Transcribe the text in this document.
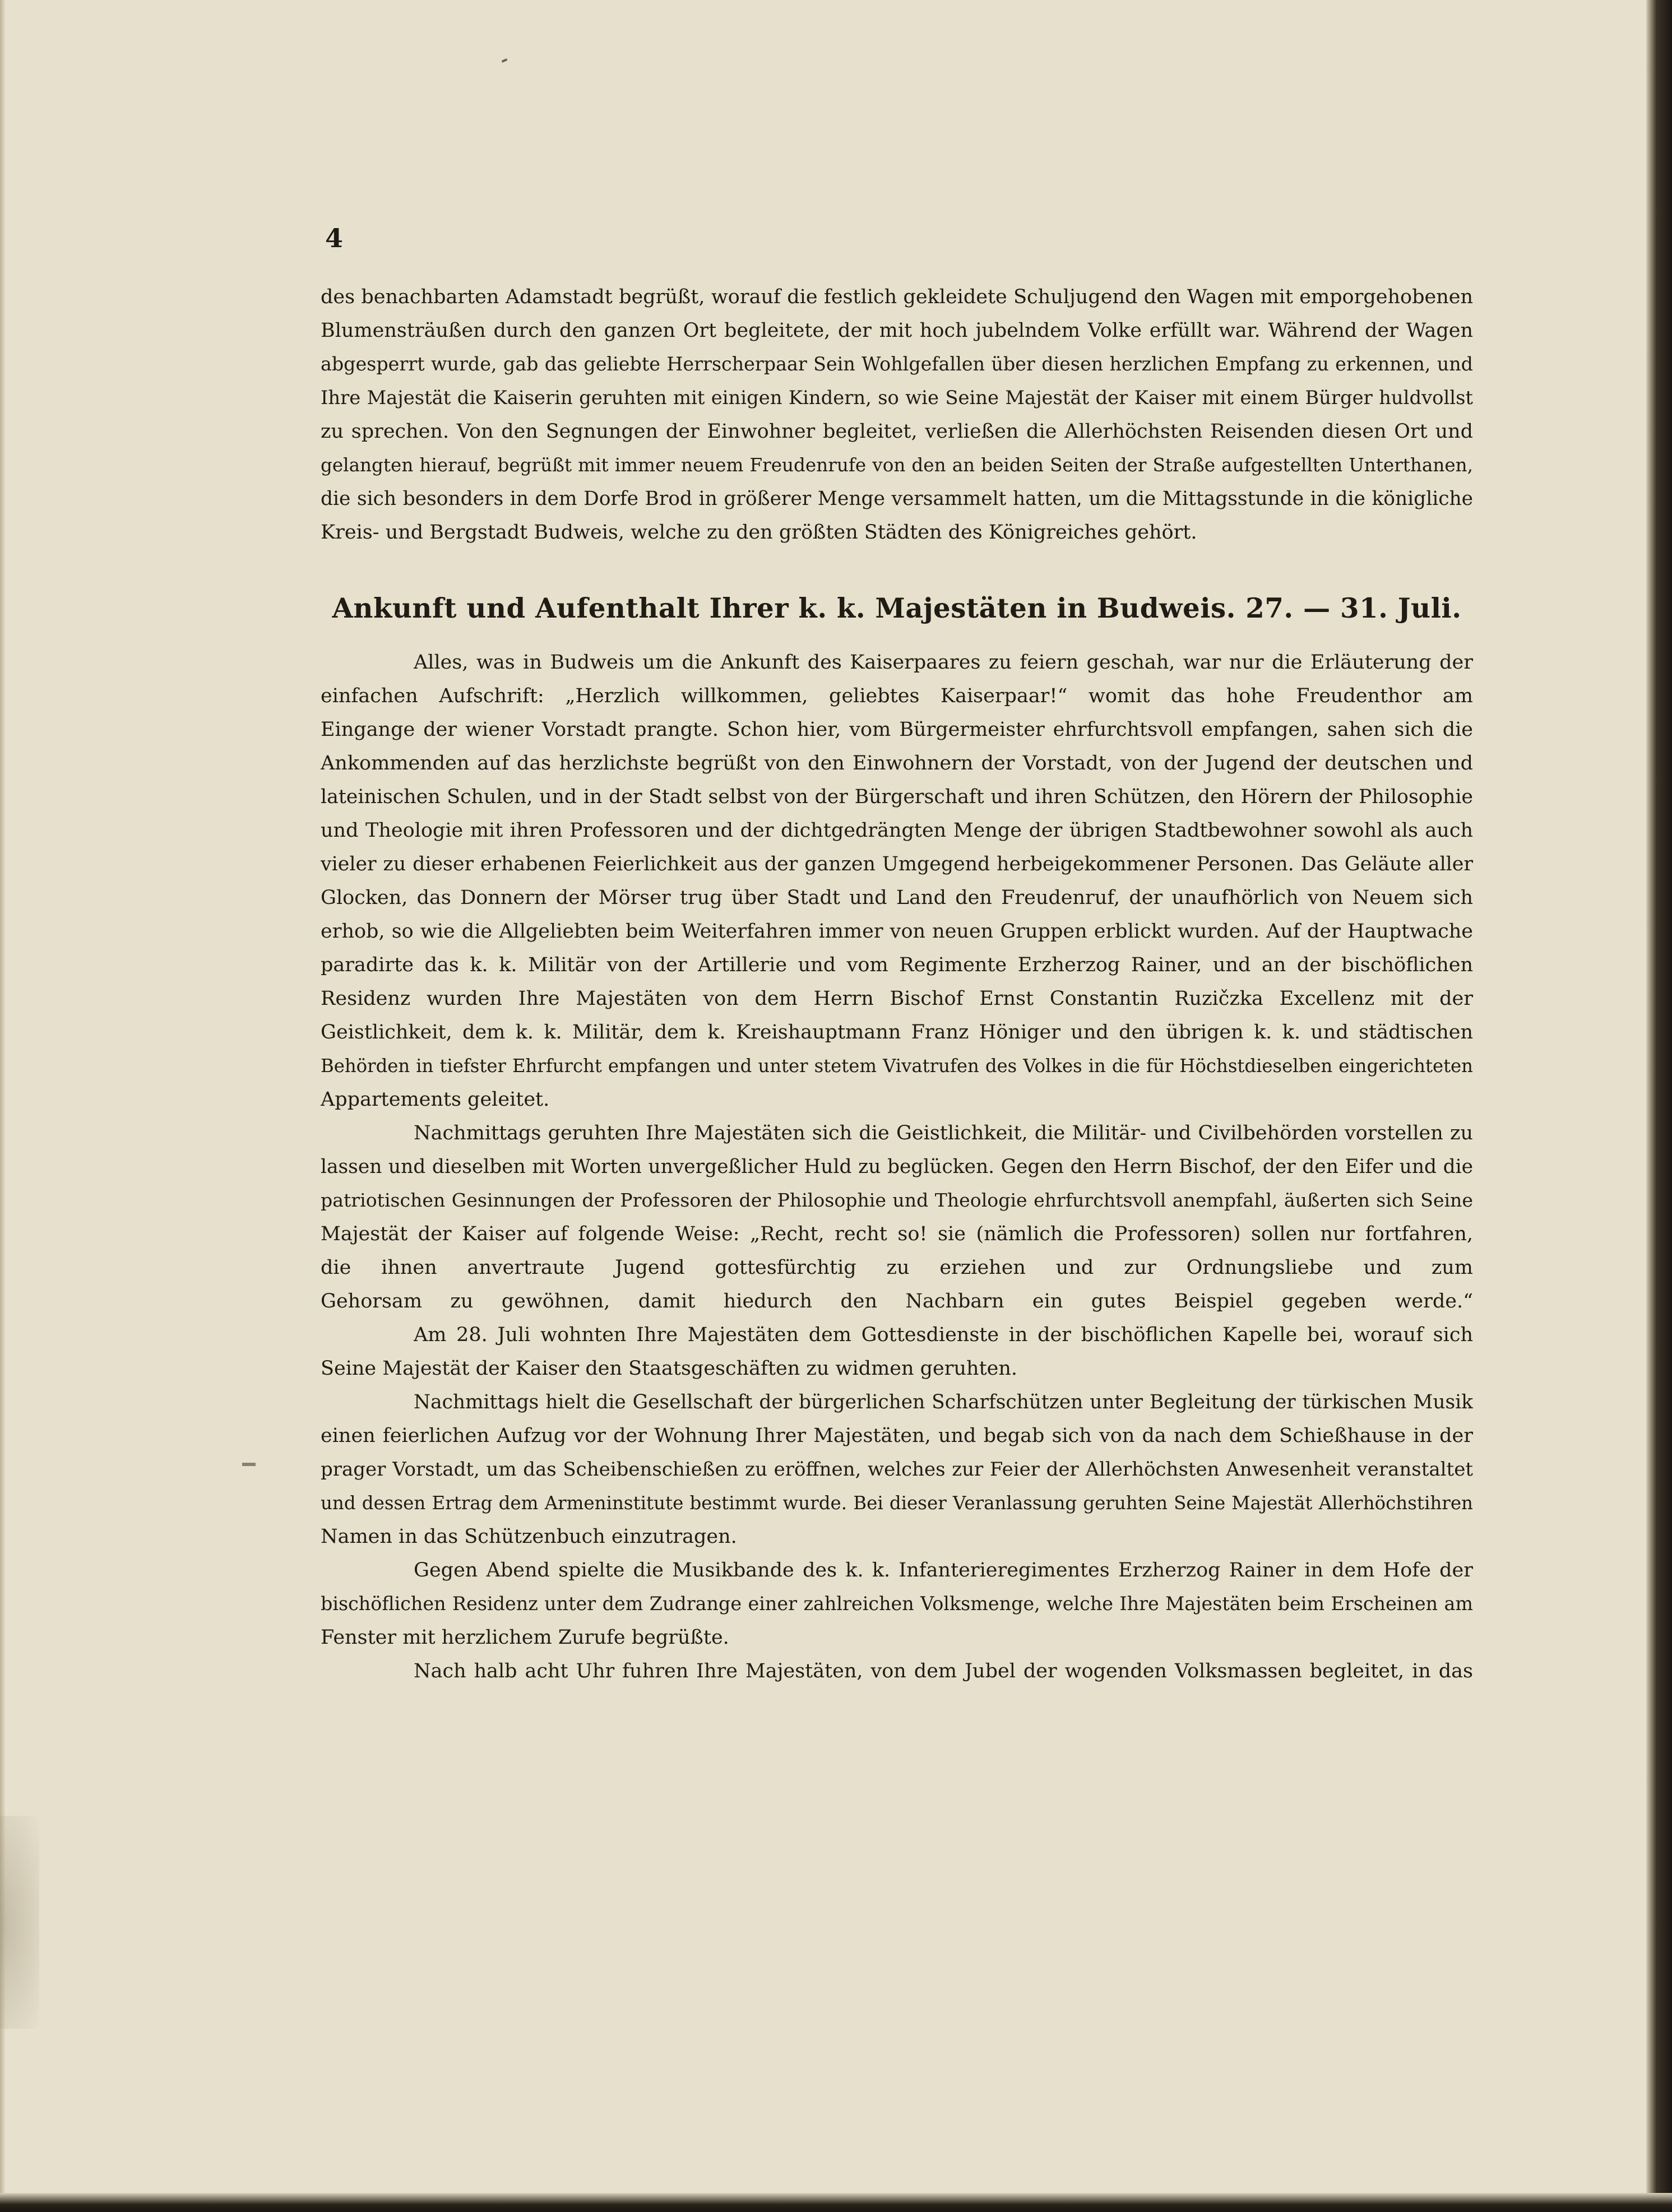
4
des benachbarten Adamstadt begrüßt, worauf die festlich gekleidete Schuljugend den Wagen mit emporgehobenen
Blumensträußen durch den ganzen Ort begleitete, der mit hoch jubelndem Volke erfüllt war. Während der Wagen
abgesperrt wurde, gab das geliebte Herrscherpaar Sein Wohlgefallen über diesen herzlichen Empfang zu erkennen, und
Ihre Majestät die Kaiserin geruhten mit einigen Kindern, so wie Seine Majestät der Kaiser mit einem Bürger huldvollst
zu sprechen. Von den Segnungen der Einwohner begleitet, verließen die Allerhöchsten Reisenden diesen Ort und
gelangten hierauf, begrüßt mit immer neuem Freudenrufe von den an beiden Seiten der Straße aufgestellten Unterthanen,
die sich besonders in dem Dorfe Brod in größerer Menge versammelt hatten, um die Mittagsstunde in die königliche
Kreis- und Bergstadt Budweis, welche zu den größten Städten des Königreiches gehört.
Ankunft und Aufenthalt Ihrer k. k. Majestäten in Budweis. 27. — 31. Juli.
Alles, was in Budweis um die Ankunft des Kaiserpaares zu feiern geschah, war nur die Erläuterung der
einfachen Aufschrift: „Herzlich willkommen, geliebtes Kaiserpaar!“ womit das hohe Freudenthor am
Eingange der wiener Vorstadt prangte. Schon hier, vom Bürgermeister ehrfurchtsvoll empfangen, sahen sich die
Ankommenden auf das herzlichste begrüßt von den Einwohnern der Vorstadt, von der Jugend der deutschen und
lateinischen Schulen, und in der Stadt selbst von der Bürgerschaft und ihren Schützen, den Hörern der Philosophie
und Theologie mit ihren Professoren und der dichtgedrängten Menge der übrigen Stadtbewohner sowohl als auch
vieler zu dieser erhabenen Feierlichkeit aus der ganzen Umgegend herbeigekommener Personen. Das Geläute aller
Glocken, das Donnern der Mörser trug über Stadt und Land den Freudenruf, der unaufhörlich von Neuem sich
erhob, so wie die Allgeliebten beim Weiterfahren immer von neuen Gruppen erblickt wurden. Auf der Hauptwache
paradirte das k. k. Militär von der Artillerie und vom Regimente Erzherzog Rainer, und an der bischöflichen
Residenz wurden Ihre Majestäten von dem Herrn Bischof Ernst Constantin Ruzičzka Excellenz mit der
Geistlichkeit, dem k. k. Militär, dem k. Kreishauptmann Franz Höniger und den übrigen k. k. und städtischen
Behörden in tiefster Ehrfurcht empfangen und unter stetem Vivatrufen des Volkes in die für Höchstdieselben eingerichteten
Appartements geleitet.
Nachmittags geruhten Ihre Majestäten sich die Geistlichkeit, die Militär- und Civilbehörden vorstellen zu
lassen und dieselben mit Worten unvergeßlicher Huld zu beglücken. Gegen den Herrn Bischof, der den Eifer und die
patriotischen Gesinnungen der Professoren der Philosophie und Theologie ehrfurchtsvoll anempfahl, äußerten sich Seine
Majestät der Kaiser auf folgende Weise: „Recht, recht so! sie (nämlich die Professoren) sollen nur fortfahren,
die ihnen anvertraute Jugend gottesfürchtig zu erziehen und zur Ordnungsliebe und zum
Gehorsam zu gewöhnen, damit hiedurch den Nachbarn ein gutes Beispiel gegeben werde.“
Am 28. Juli wohnten Ihre Majestäten dem Gottesdienste in der bischöflichen Kapelle bei, worauf sich
Seine Majestät der Kaiser den Staatsgeschäften zu widmen geruhten.
Nachmittags hielt die Gesellschaft der bürgerlichen Scharfschützen unter Begleitung der türkischen Musik
einen feierlichen Aufzug vor der Wohnung Ihrer Majestäten, und begab sich von da nach dem Schießhause in der
prager Vorstadt, um das Scheibenschießen zu eröffnen, welches zur Feier der Allerhöchsten Anwesenheit veranstaltet
und dessen Ertrag dem Armeninstitute bestimmt wurde. Bei dieser Veranlassung geruhten Seine Majestät Allerhöchstihren
Namen in das Schützenbuch einzutragen.
Gegen Abend spielte die Musikbande des k. k. Infanterieregimentes Erzherzog Rainer in dem Hofe der
bischöflichen Residenz unter dem Zudrange einer zahlreichen Volksmenge, welche Ihre Majestäten beim Erscheinen am
Fenster mit herzlichem Zurufe begrüßte.
Nach halb acht Uhr fuhren Ihre Majestäten, von dem Jubel der wogenden Volksmassen begleitet, in das
